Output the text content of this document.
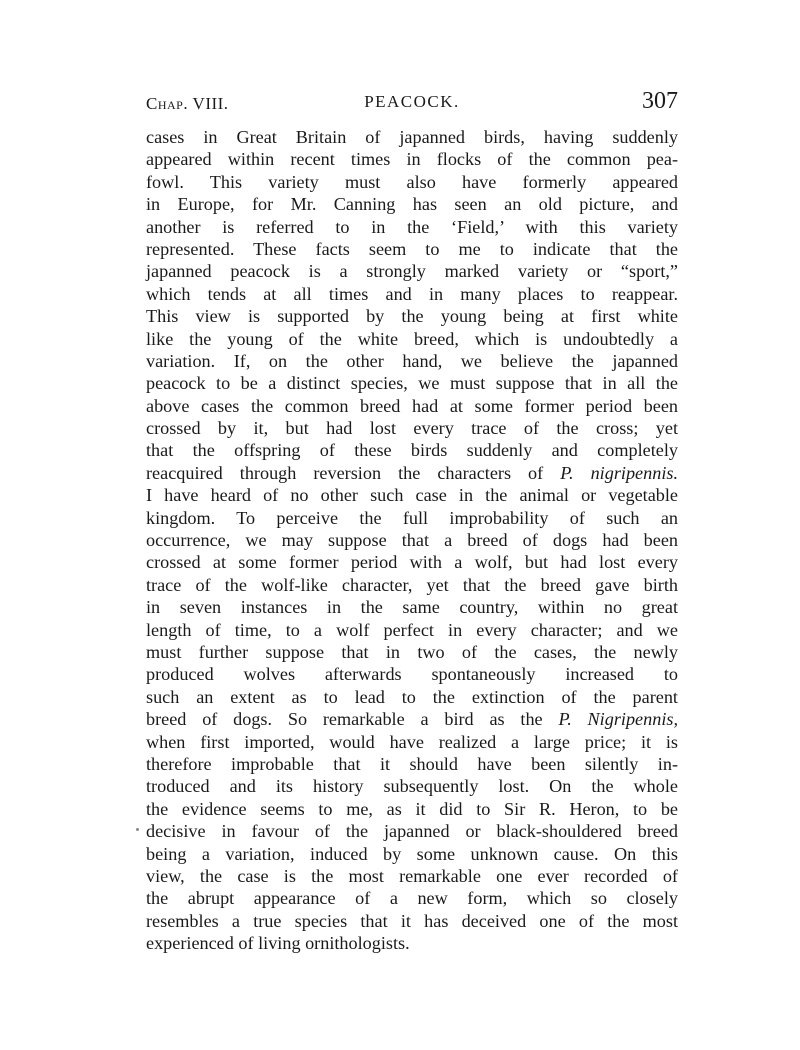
Chap. VIII.	PEACOCK.	307
cases in Great Britain of japanned birds, having suddenly
appeared within recent times in flocks of the common pea-
fowl. This variety must also have formerly appeared
in Europe, for Mr. Canning has seen an old picture, and
another is referred to in the ‘Field,’ with this variety
represented. These facts seem to me to indicate that the
japanned peacock is a strongly marked variety or “sport,”
which tends at all times and in many places to reappear.
This view is supported by the young being at first white
like the young of the white breed, which is undoubtedly a
variation. If, on the other hand, we believe the japanned
peacock to be a distinct species, we must suppose that in all the
above cases the common breed had at some former period been
crossed by it, but had lost every trace of the cross; yet
that the offspring of these birds suddenly and completely
reacquired through reversion the characters of P. nigripennis.
I have heard of no other such case in the animal or vegetable
kingdom. To perceive the full improbability of such an
occurrence, we may suppose that a breed of dogs had been
crossed at some former period with a wolf, but had lost every
trace of the wolf-like character, yet that the breed gave birth
in seven instances in the same country, within no great
length of time, to a wolf perfect in every character; and we
must further suppose that in two of the cases, the newly
produced wolves afterwards spontaneously increased to
such an extent as to lead to the extinction of the parent
breed of dogs. So remarkable a bird as the P. Nigripennis,
when first imported, would have realized a large price; it is
therefore improbable that it should have been silently in-
troduced and its history subsequently lost. On the whole
the evidence seems to me, as it did to Sir R. Heron, to be
decisive in favour of the japanned or black-shouldered breed
being a variation, induced by some unknown cause. On this
view, the case is the most remarkable one ever recorded of
the abrupt appearance of a new form, which so closely
resembles a true species that it has deceived one of the most
experienced of living ornithologists.
